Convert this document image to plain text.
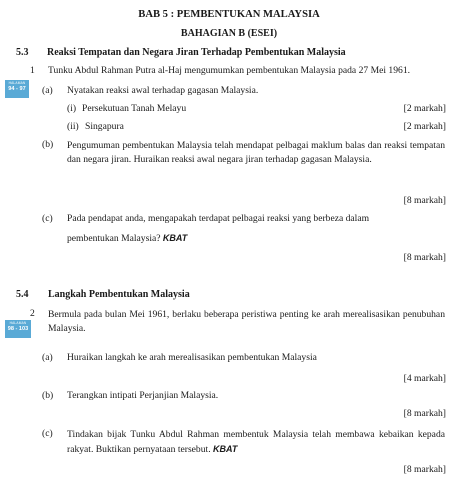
BAB 5 : PEMBENTUKAN MALAYSIA
BAHAGIAN B (ESEI)
5.3 Reaksi Tempatan dan Negara Jiran Terhadap Pembentukan Malaysia
1 Tunku Abdul Rahman Putra al-Haj mengumumkan pembentukan Malaysia pada 27 Mei 1961.
HALAMAN
94 - 97	(a) Nyatakan reaksi awal terhadap gagasan Malaysia.
(i) Persekutuan Tanah Melayu	[2 markah]
(ii) Singapura	[2 markah]
(b) Pengumuman pembentukan Malaysia telah mendapat pelbagai maklum balas dan reaksi tempatan dan negara jiran. Huraikan reaksi awal negara jiran terhadap gagasan Malaysia.
[8 markah]
(c) Pada pendapat anda, mengapakah terdapat pelbagai reaksi yang berbeza dalam
pembentukan Malaysia? KBAT
[8 markah]
5.4 Langkah Pembentukan Malaysia
2 Bermula pada bulan Mei 1961, berlaku beberapa peristiwa penting ke arah merealisasikan penubuhan Malaysia.
HALAMAN
98 - 103
(a) Huraikan langkah ke arah merealisasikan pembentukan Malaysia
[4 markah]
(b) Terangkan intipati Perjanjian Malaysia.
[8 markah]
(c) Tindakan bijak Tunku Abdul Rahman membentuk Malaysia telah membawa kebaikan kepada rakyat. Buktikan pernyataan tersebut. KBAT
[8 markah]
